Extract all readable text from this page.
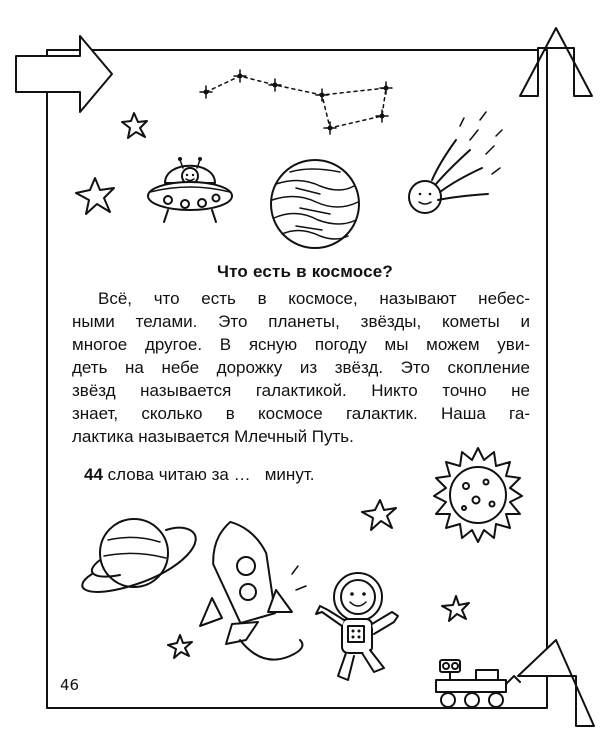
Что есть в космосе?
Всё, что есть в космосе, называют небес-
ными телами. Это планеты, звёзды, кометы и
многое другое. В ясную погоду мы можем уви-
деть на небе дорожку из звёзд. Это скопление
звёзд называется галактикой. Никто точно не
знает, сколько в космосе галактик. Наша га-
лактика называется Млечный Путь.
44 слова читаю за …   минут.
46
